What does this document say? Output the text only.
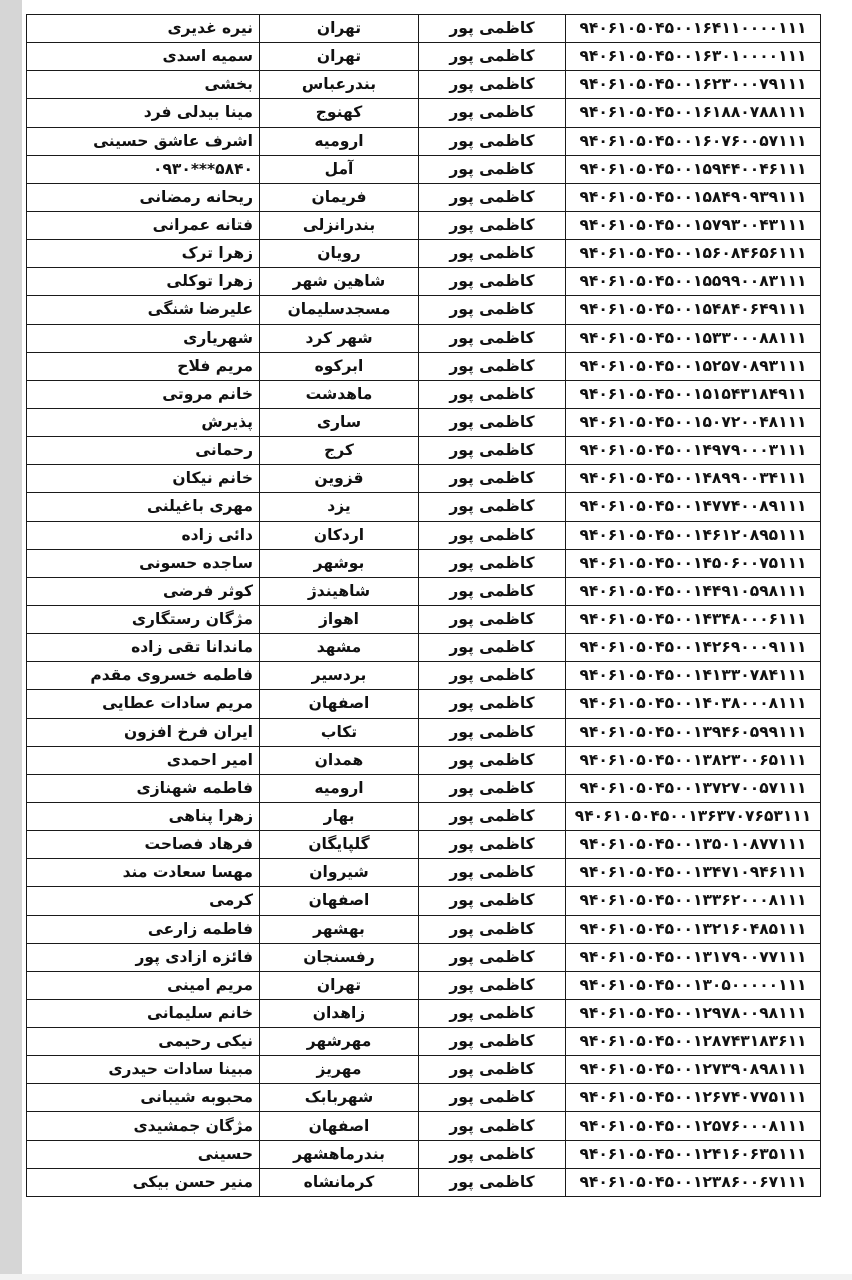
نیره غدیری	تهران	کاظمی پور	۹۴۰۶۱۰۵۰۴۵۰۰۱۶۴۱۱۰۰۰۰۱۱۱
سمیه اسدی	تهران	کاظمی پور	۹۴۰۶۱۰۵۰۴۵۰۰۱۶۳۰۱۰۰۰۰۱۱۱
بخشی	بندرعباس	کاظمی پور	۹۴۰۶۱۰۵۰۴۵۰۰۱۶۲۳۰۰۰۷۹۱۱۱
مینا بیدلی فرد	کهنوج	کاظمی پور	۹۴۰۶۱۰۵۰۴۵۰۰۱۶۱۸۸۰۷۸۸۱۱۱
اشرف عاشق حسینی	ارومیه	کاظمی پور	۹۴۰۶۱۰۵۰۴۵۰۰۱۶۰۷۶۰۰۵۷۱۱۱
۰۹۳۰***۵۸۴۰	آمل	کاظمی پور	۹۴۰۶۱۰۵۰۴۵۰۰۱۵۹۴۴۰۰۴۶۱۱۱
ریحانه رمضانی	فریمان	کاظمی پور	۹۴۰۶۱۰۵۰۴۵۰۰۱۵۸۴۹۰۹۳۹۱۱۱
فتانه عمرانی	بندرانزلی	کاظمی پور	۹۴۰۶۱۰۵۰۴۵۰۰۱۵۷۹۳۰۰۴۳۱۱۱
زهرا ترک	رویان	کاظمی پور	۹۴۰۶۱۰۵۰۴۵۰۰۱۵۶۰۸۴۶۵۶۱۱۱
زهرا توکلی	شاهین شهر	کاظمی پور	۹۴۰۶۱۰۵۰۴۵۰۰۱۵۵۹۹۰۰۸۳۱۱۱
علیرضا شنگی	مسجدسلیمان	کاظمی پور	۹۴۰۶۱۰۵۰۴۵۰۰۱۵۴۸۴۰۶۴۹۱۱۱
شهریاری	شهر کرد	کاظمی پور	۹۴۰۶۱۰۵۰۴۵۰۰۱۵۳۳۰۰۰۸۸۱۱۱
مریم فلاح	ابرکوه	کاظمی پور	۹۴۰۶۱۰۵۰۴۵۰۰۱۵۲۵۷۰۸۹۳۱۱۱
خانم مروتی	ماهدشت	کاظمی پور	۹۴۰۶۱۰۵۰۴۵۰۰۱۵۱۵۴۳۱۸۴۹۱۱
پذیرش	ساری	کاظمی پور	۹۴۰۶۱۰۵۰۴۵۰۰۱۵۰۷۲۰۰۴۸۱۱۱
رحمانی	کرج	کاظمی پور	۹۴۰۶۱۰۵۰۴۵۰۰۱۴۹۷۹۰۰۰۳۱۱۱
خانم نیکان	قزوین	کاظمی پور	۹۴۰۶۱۰۵۰۴۵۰۰۱۴۸۹۹۰۰۳۴۱۱۱
مهری باغیلنی	یزد	کاظمی پور	۹۴۰۶۱۰۵۰۴۵۰۰۱۴۷۷۴۰۰۸۹۱۱۱
دائی زاده	اردکان	کاظمی پور	۹۴۰۶۱۰۵۰۴۵۰۰۱۴۶۱۲۰۸۹۵۱۱۱
ساجده حسونی	بوشهر	کاظمی پور	۹۴۰۶۱۰۵۰۴۵۰۰۱۴۵۰۶۰۰۷۵۱۱۱
کوثر فرضی	شاهیندژ	کاظمی پور	۹۴۰۶۱۰۵۰۴۵۰۰۱۴۴۹۱۰۵۹۸۱۱۱
مژگان رستگاری	اهواز	کاظمی پور	۹۴۰۶۱۰۵۰۴۵۰۰۱۴۳۴۸۰۰۰۶۱۱۱
ماندانا تقی زاده	مشهد	کاظمی پور	۹۴۰۶۱۰۵۰۴۵۰۰۱۴۲۶۹۰۰۰۹۱۱۱
فاطمه خسروی مقدم	بردسیر	کاظمی پور	۹۴۰۶۱۰۵۰۴۵۰۰۱۴۱۳۳۰۷۸۴۱۱۱
مریم سادات عطایی	اصفهان	کاظمی پور	۹۴۰۶۱۰۵۰۴۵۰۰۱۴۰۳۸۰۰۰۸۱۱۱
ایران فرخ افزون	تکاب	کاظمی پور	۹۴۰۶۱۰۵۰۴۵۰۰۱۳۹۴۶۰۵۹۹۱۱۱
امیر احمدی	همدان	کاظمی پور	۹۴۰۶۱۰۵۰۴۵۰۰۱۳۸۲۳۰۰۶۵۱۱۱
فاطمه شهنازی	ارومیه	کاظمی پور	۹۴۰۶۱۰۵۰۴۵۰۰۱۳۷۲۷۰۰۵۷۱۱۱
زهرا پناهی	بهار	کاظمی پور	۹۴۰۶۱۰۵۰۴۵۰۰۱۳۶۳۷۰۷۶۵۳۱۱۱
فرهاد فصاحت	گلپایگان	کاظمی پور	۹۴۰۶۱۰۵۰۴۵۰۰۱۳۵۰۱۰۸۷۷۱۱۱
مهسا سعادت مند	شیروان	کاظمی پور	۹۴۰۶۱۰۵۰۴۵۰۰۱۳۴۷۱۰۹۴۶۱۱۱
کرمی	اصفهان	کاظمی پور	۹۴۰۶۱۰۵۰۴۵۰۰۱۳۳۶۲۰۰۰۸۱۱۱
فاطمه زارعی	بهشهر	کاظمی پور	۹۴۰۶۱۰۵۰۴۵۰۰۱۳۲۱۶۰۴۸۵۱۱۱
فائزه ازادی پور	رفسنجان	کاظمی پور	۹۴۰۶۱۰۵۰۴۵۰۰۱۳۱۷۹۰۰۷۷۱۱۱
مریم امینی	تهران	کاظمی پور	۹۴۰۶۱۰۵۰۴۵۰۰۱۳۰۵۰۰۰۰۰۱۱۱
خانم سلیمانی	زاهدان	کاظمی پور	۹۴۰۶۱۰۵۰۴۵۰۰۱۲۹۷۸۰۰۹۸۱۱۱
نیکی رحیمی	مهرشهر	کاظمی پور	۹۴۰۶۱۰۵۰۴۵۰۰۱۲۸۷۴۳۱۸۳۶۱۱
مبینا سادات حیدری	مهریز	کاظمی پور	۹۴۰۶۱۰۵۰۴۵۰۰۱۲۷۳۹۰۸۹۸۱۱۱
محبوبه شیبانی	شهربابک	کاظمی پور	۹۴۰۶۱۰۵۰۴۵۰۰۱۲۶۷۴۰۷۷۵۱۱۱
مژگان جمشیدی	اصفهان	کاظمی پور	۹۴۰۶۱۰۵۰۴۵۰۰۱۲۵۷۶۰۰۰۸۱۱۱
حسینی	بندرماهشهر	کاظمی پور	۹۴۰۶۱۰۵۰۴۵۰۰۱۲۴۱۶۰۶۳۵۱۱۱
منیر حسن بیکی	کرمانشاه	کاظمی پور	۹۴۰۶۱۰۵۰۴۵۰۰۱۲۳۸۶۰۰۶۷۱۱۱
